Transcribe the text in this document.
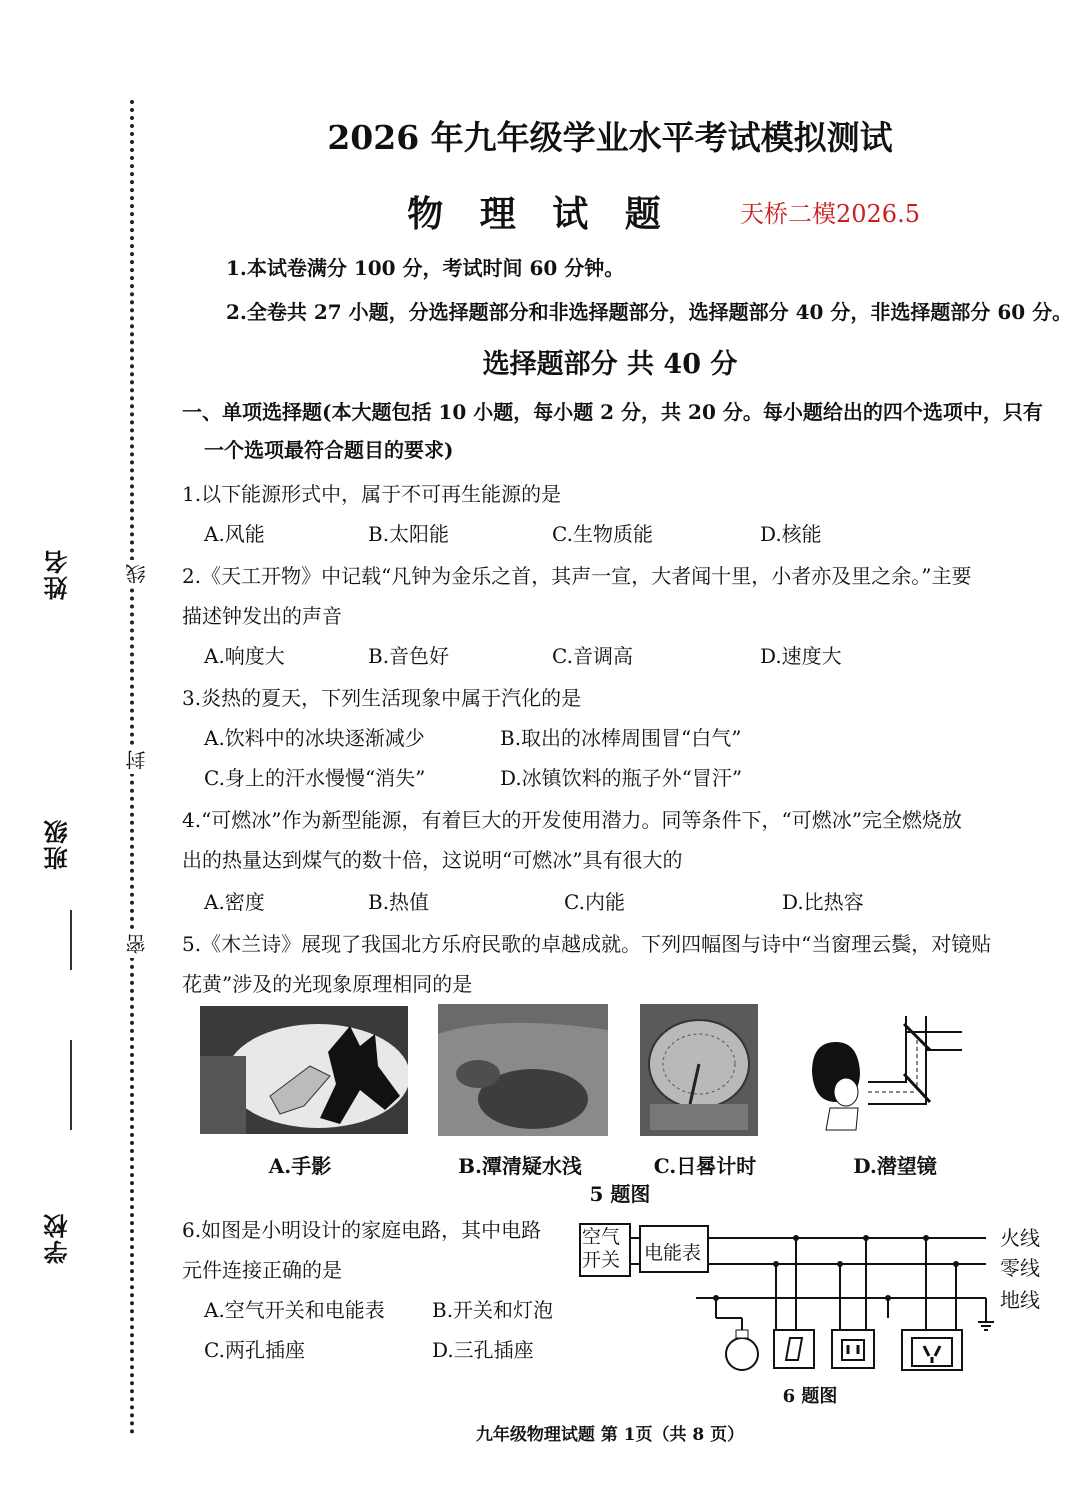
姓名
班级
学校
线
封
密
2026 年九年级学业水平考试模拟测试
物 理 试 题	天桥二模2026.5
1.本试卷满分 100 分，考试时间 60 分钟。
2.全卷共 27 小题，分选择题部分和非选择题部分，选择题部分 40 分，非选择题部分 60 分。
选择题部分 共 40 分
一、单项选择题(本大题包括 10 小题，每小题 2 分，共 20 分。每小题给出的四个选项中，只有
一个选项最符合题目的要求)
1.以下能源形式中，属于不可再生能源的是
A.风能	B.太阳能	C.生物质能	D.核能
2.《天工开物》中记载“凡钟为金乐之首，其声一宣，大者闻十里，小者亦及里之余。”主要
描述钟发出的声音
A.响度大	B.音色好	C.音调高	D.速度大
3.炎热的夏天，下列生活现象中属于汽化的是
A.饮料中的冰块逐渐减少	B.取出的冰棒周围冒“白气”
C.身上的汗水慢慢“消失”	D.冰镇饮料的瓶子外“冒汗”
4.“可燃冰”作为新型能源，有着巨大的开发使用潜力。同等条件下，“可燃冰”完全燃烧放
出的热量达到煤气的数十倍，这说明“可燃冰”具有很大的
A.密度	B.热值	C.内能	D.比热容
5.《木兰诗》展现了我国北方乐府民歌的卓越成就。下列四幅图与诗中“当窗理云鬓，对镜贴
花黄”涉及的光现象原理相同的是
A.手影	B.潭清疑水浅	C.日晷计时	D.潜望镜
5 题图
6.如图是小明设计的家庭电路，其中电路
元件连接正确的是
A.空气开关和电能表 B.开关和灯泡
C.两孔插座	D.三孔插座
空气
开关 电能表
火线
零线
地线
6 题图
九年级物理试题 第 1页（共 8 页）
